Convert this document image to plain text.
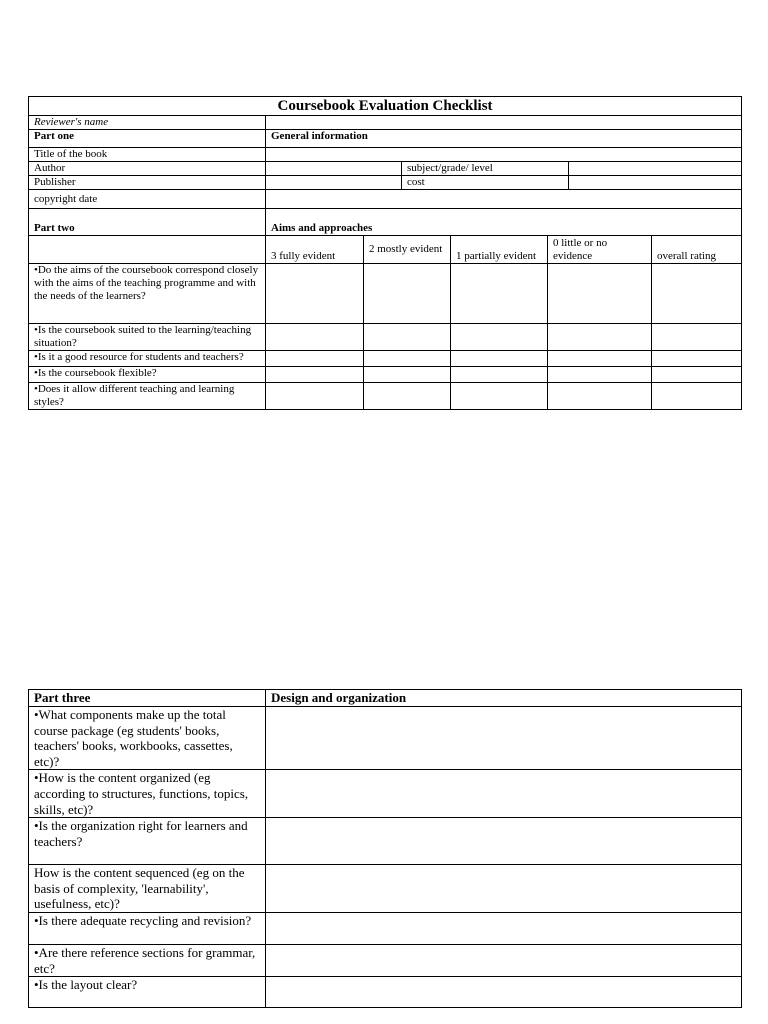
Coursebook Evaluation Checklist							
Reviewer's name							
Part one	General information						
Title of the book							
Author			subject/grade/ level				
Publisher			cost				
copyright date							
Part two	Aims and approaches						
	3 fully evident	2 mostly evident		1 partially evident	0 little or no evidence		overall rating
•Do the aims of the coursebook correspond closely with the aims of the teaching programme and with the needs of the learners?							
•Is the coursebook suited to the learning/teaching situation?							
•Is it a good resource for students and teachers?							
•Is the coursebook flexible?							
•Does it allow different teaching and learning styles?							
Part three	Design and organization
•What components make up the total course package (eg students' books, teachers' books, workbooks, cassettes, etc)?	
•How is the content organized (eg according to structures, functions, topics, skills, etc)?	
•Is the organization right for learners and teachers?	
How is the content sequenced (eg on the basis of complexity, 'learnability', usefulness, etc)?	
•Is there adequate recycling and revision?	
•Are there reference sections for grammar, etc?	
•Is the layout clear?	
